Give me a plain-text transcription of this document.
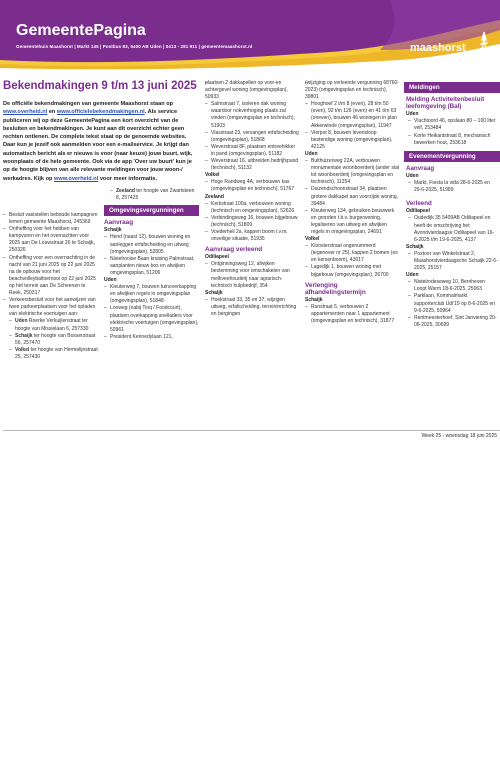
GemeentePagina
Gemeentehuis Maashorst | Markt 145 | Postbus 83, 5400 AB Uden | 0413 - 281 911 | gemeentemaashorst.nl	maashorst
Bekendmakingen 9 t/m 13 juni 2025
De officiële bekendmakingen van gemeente Maashorst staan op www.overheid.nl en www.officielebekendmakingen.nl. Als service publiceren wij op deze GemeentePagina een kort overzicht van de besluiten en bekendmakingen. Je kunt aan dit overzicht echter geen rechten ontlenen. De complete tekst staat op de genoemde websites. Daar kun je jezelf ook aanmelden voor een e-mailservice. Je krijgt dan automatisch bericht als er nieuws is voor (naar keuze) jouw buurt, wijk, woonplaats of de hele gemeente. Ook via de app 'Over uw buurt' kun je op de hoogte blijven van alle relevante meldingen voor jouw woon-/ werkadres. Kijk op www.overheid.nl voor meer informatie.
– Besluit vaststellen beboude kampagnen lemen gemeente Maashorst, 245369
– Ontheffing voor het hebben van kampvuren en het overnachten voor 2025 aan De Louwstraat 26 te Schaijk, 250326
– Ontheffing voor een overnachting in de nacht van 21 juni 2025 op 22 juni 2025 na de opbouw voor het beachvolleybaltoernooi op 22 juni 2025 op het terrein aan De Scheenen te Reek, 250317
– Verkeersbesluit voor het aanwijzen van twee parkeerplaatsen voor het opladen van elektrische voertuigen aan:
– Uden Roerke Verkuijlenstraat ter hoogte van Missielaan 6, 257330
– Schaijk ter hoogte van Bosserstraat 56, 257470
– Volkel ter hoogte van Hermelijnstraat 25, 257430
– Zeeland ter hoogte van Zwartsteen 8, 257425
Omgevingsvergunningen
Aanvraag
Schaijk
– Hend (naast 12), bouwen woning en aanleggen erfafscheiding en uitweg (omgevingsplan), 52805
– Nistelrooise Baan kruising Palmstraat, aanplanten nieuw bos en afwijken omgevingsplan, 51206
Uden
– Kleuterweg 7, bouwen tuinoverkapping en afwijken regels in omgevingsplan (omgevingsplan), 51848
– Looweg (nabij Tinq / Foodcourt), plaatsen overkapping snelladers voor elektrische voertuigen (omgevingsplan), 50961
– President Kennedylaan 121,
– plaatsen 2 dakkapellen op voor-en achtergevel woning (omgevingsplan), 50933
– Salmstraat 7, isoleren dak woning waardoor nokverhoging plaats zal vinden (omgevingsplan en technisch), 51903
– Vlasstraat 23, vervangen erfafscheiding (omgevingsplan), 51868
– Weverstraat 8F, plaatsen entreehikker in pand (omgevingsplan), 51182
– Weverstraat 16, uitbreiden bedrijfspand (technisch), 51132
Volkel
– Hoge Randweg 4A, verbouwen kas (omgevingsplan en technisch), 51767
Zeeland
– Kerkstraat 100a, verbouwen woning (technisch en omgevingsplan), 52626
– Verbindingsweg 16, bouwen bijgebouw (technisch), 51809
– Voederheil 2a, kappen boom i.v.m. onveilige situatie, 51935
Aanvraag verleend
Odiliapeel
– Ontginningsweg 12, afwijken bestemming voor omschakelen van melkveehouderij naar agrarisch-technisch hulpbedrijf, 354
Schaijk
– Hoekstraat 33, 35 en 37, wijzigen uitweg, erfafscheiding, terreininrichting en bergingen
– (wijziging op verleende vergunning 68760-2023) (omgevingsplan en technisch), 39801
– Hooghoef 2 t/m 8 (even), 28 t/m 50 (even), 92 t/m 126 (even) en 41 t/m 63 (oneven), bouwen 46 woningen in plan Akkerwinde (omgevingsplan), 11947
– Vierpot 8, bouwen levensloop bestendige woning (omgevingsplan), 42125
Uden
– Bulthuizerweg 22A, verbouwen monumentale woonboerderij (ander stal tot woonboerderij (omgevingsplan en technisch), 11254
– Duizendschoonstraat 34, plaatsen grotere dakkapel aan voorzijde woning, 39484
– Kleuterweg 134, gebruiken bouwwerk en gronden t.b.v. burgerwoning, legaliseren van uitweg en afwijken regels in omgevingsplan, 24691
Volkel
– Kloosterstraat ongenummerd (tegenover nr 25), kappen 2 bomen (es en kersenboom), 43017
– Lagedijk 1, bouwen woning met bijgebouw (omgevingsplan), 26700
Verlenging afhandelingstermijn
Schaijk
– Runstraat 5, verbouwen 2 appartementen naar 1 appartement (omgevingsplan en technisch), 31877
Meldingen
Melding Activiteitenbesluit leefomgeving (Bal)
Uden
– Vluchtoord 46, opslaan 80 – 100 liter veif, 253484
– Korte Heikantstraat 8, mechanisch bewerken hout, 253618
Evenementvergunning
Aanvraag
Uden
– Markt, Fiesta la vida 28-6-2025 en 29-6-2025, 51989
Verleend
Odiliapeel
– Oudedijk 35 5409AB Odiliapeel en heeft de omschrijving het Avondvierdaagse Odiliapeel van 16-6-2025 t/m 19-6-2025, 4137
Schaijk
– Postoor van Winkelstraat 2, Maashorstvierdaagsche Schaijk 22-6-2025, 25157
Uden
– Nistelrodeseweg 10, Bernheven Loopt Warm 18-6-2025, 25063
– Parklaan, Kommalmarkt supporterclub Udi'19 op 8-6-2025 en 9-6-2025, 50964
– Rentmeesterhoef, Sint Janviering 20-06-2025, 30699
Week 25 - woensdag 18 juni 2025
